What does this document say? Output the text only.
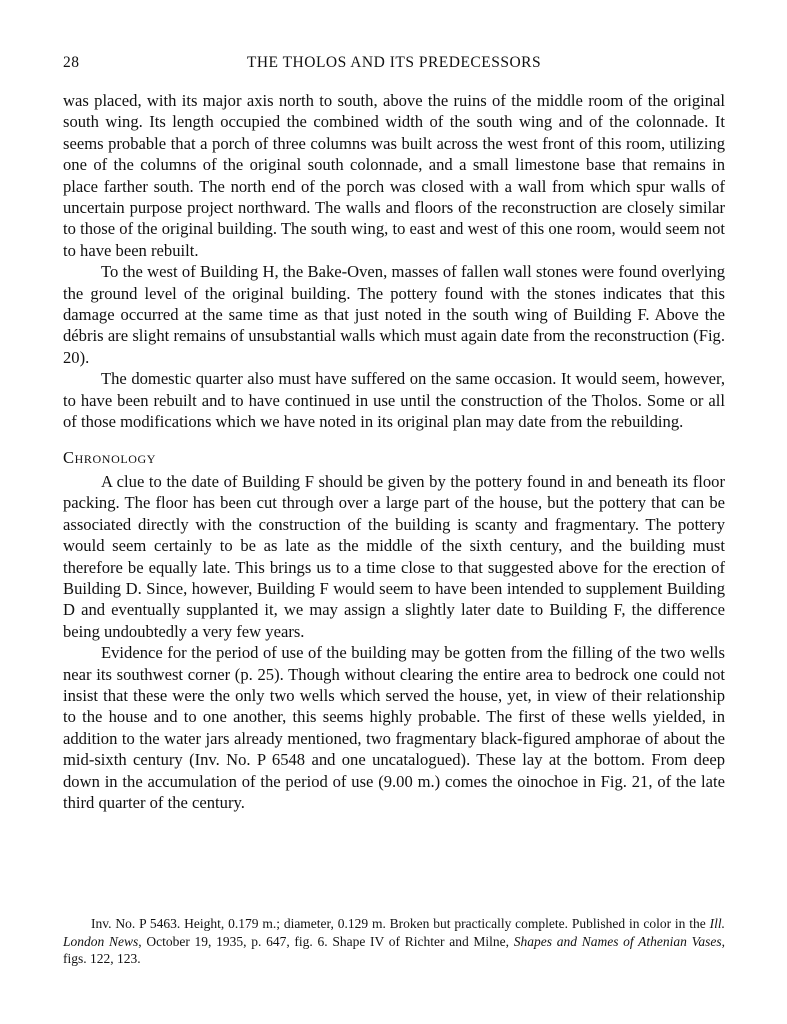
28	THE THOLOS AND ITS PREDECESSORS

was placed, with its major axis north to south, above the ruins of the middle room of the original south wing. Its length occupied the combined width of the south wing and of the colonnade. It seems probable that a porch of three columns was built across the west front of this room, utilizing one of the columns of the original south colonnade, and a small limestone base that remains in place farther south. The north end of the porch was closed with a wall from which spur walls of uncertain purpose project northward. The walls and floors of the reconstruction are closely similar to those of the original building. The south wing, to east and west of this one room, would seem not to have been rebuilt.

To the west of Building H, the Bake-Oven, masses of fallen wall stones were found overlying the ground level of the original building. The pottery found with the stones indicates that this damage occurred at the same time as that just noted in the south wing of Building F. Above the débris are slight remains of unsubstantial walls which must again date from the reconstruction (Fig. 20).

The domestic quarter also must have suffered on the same occasion. It would seem, however, to have been rebuilt and to have continued in use until the construction of the Tholos. Some or all of those modifications which we have noted in its original plan may date from the rebuilding.

Chronology

A clue to the date of Building F should be given by the pottery found in and beneath its floor packing. The floor has been cut through over a large part of the house, but the pottery that can be associated directly with the construction of the building is scanty and fragmentary. The pottery would seem certainly to be as late as the middle of the sixth century, and the building must therefore be equally late. This brings us to a time close to that suggested above for the erection of Building D. Since, however, Building F would seem to have been intended to supplement Building D and eventually supplanted it, we may assign a slightly later date to Building F, the difference being undoubtedly a very few years.

Evidence for the period of use of the building may be gotten from the filling of the two wells near its southwest corner (p. 25). Though without clearing the entire area to bedrock one could not insist that these were the only two wells which served the house, yet, in view of their relationship to the house and to one another, this seems highly probable. The first of these wells yielded, in addition to the water jars already mentioned, two fragmentary black-figured amphorae of about the mid-sixth century (Inv. No. P 6548 and one uncatalogued). These lay at the bottom. From deep down in the accumulation of the period of use (9.00 m.) comes the oinochoe in Fig. 21, of the late third quarter of the century.

Inv. No. P 5463. Height, 0.179 m.; diameter, 0.129 m. Broken but practically complete. Published in color in the Ill. London News, October 19, 1935, p. 647, fig. 6. Shape IV of Richter and Milne, Shapes and Names of Athenian Vases, figs. 122, 123.
